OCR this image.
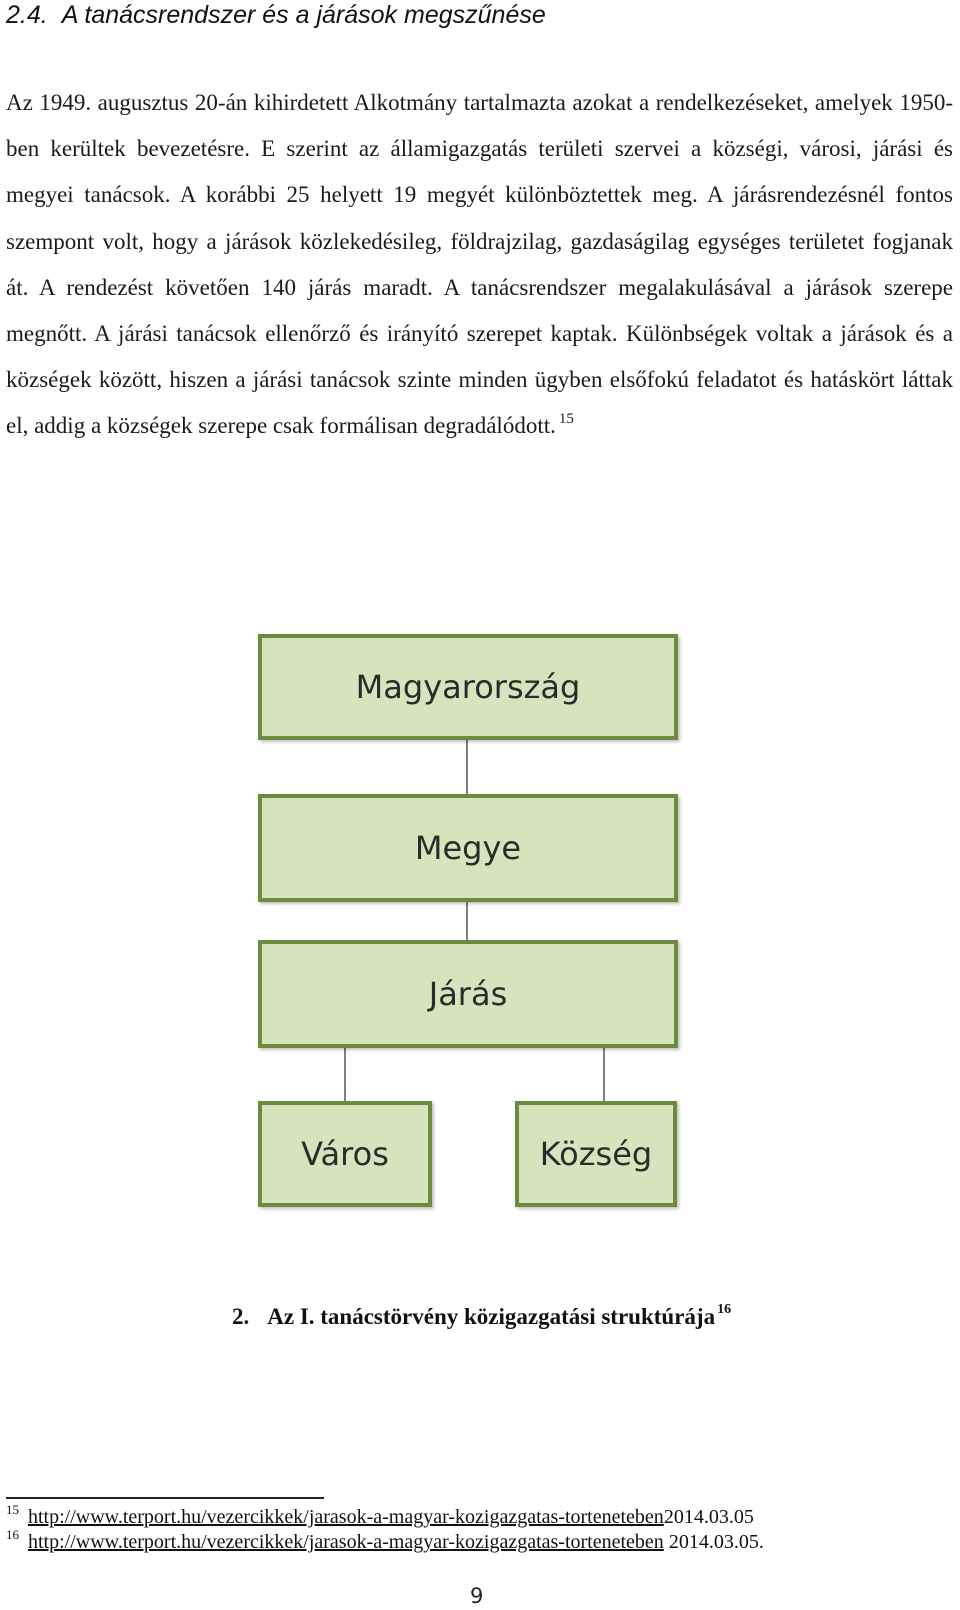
2.4. A tanácsrendszer és a járások megszűnése
Az 1949. augusztus 20-án kihirdetett Alkotmány tartalmazta azokat a rendelkezéseket, amelyek 1950-ben kerültek bevezetésre. E szerint az államigazgatás területi szervei a községi, városi, járási és megyei tanácsok. A korábbi 25 helyett 19 megyét különböztettek meg. A járásrendezésnél fontos szempont volt, hogy a járások közlekedésileg, földrajzilag, gazdaságilag egységes területet fogjanak át. A rendezést követően 140 járás maradt. A tanácsrendszer megalakulásával a járások szerepe megnőtt. A járási tanácsok ellenőrző és irányító szerepet kaptak. Különbségek voltak a járások és a községek között, hiszen a járási tanácsok szinte minden ügyben elsőfokú feladatot és hatáskört láttak el, addig a községek szerepe csak formálisan degradálódott. $^{15}$
Magyarország
Megye
Járás
Város	Község
2. Az I. tanácstörvény közigazgatási struktúrája $^{16}$
15 http://www.terport.hu/vezercikkek/jarasok-a-magyar-kozigazgatas-torteneteben2014.03.05
16 http://www.terport.hu/vezercikkek/jarasok-a-magyar-kozigazgatas-torteneteben 2014.03.05.
9
